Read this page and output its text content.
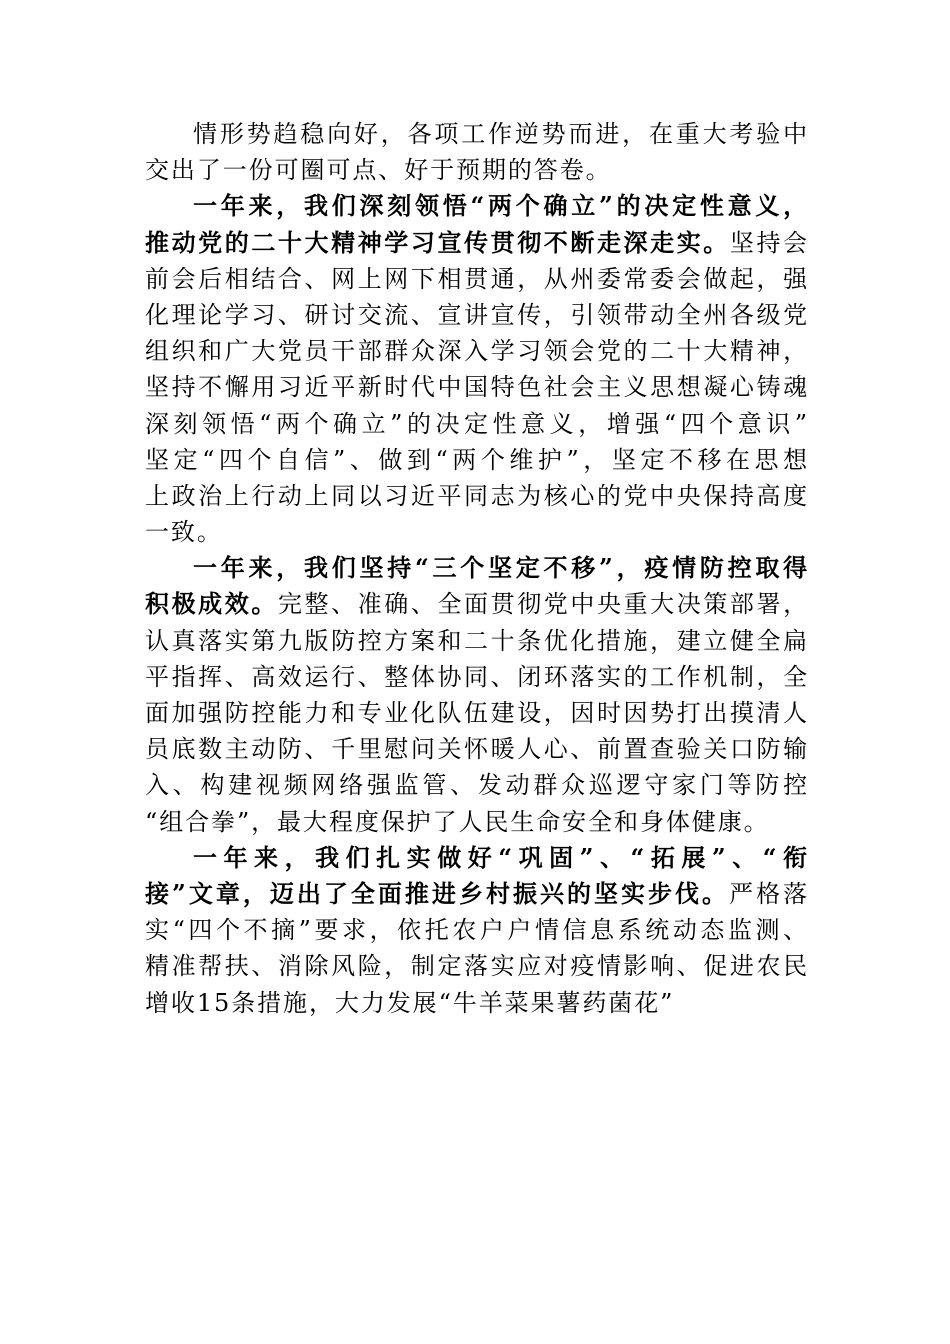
情形势趋稳向好，各项工作逆势而进，在重大考验中
交出了一份可圈可点、好于预期的答卷。
一年来，我们深刻领悟“两个确立”的决定性意义，
推动党的二十大精神学习宣传贯彻不断走深走实。坚持会
前会后相结合、网上网下相贯通，从州委常委会做起，强
化理论学习、研讨交流、宣讲宣传，引领带动全州各级党
组织和广大党员干部群众深入学习领会党的二十大精神，
坚持不懈用习近平新时代中国特色社会主义思想凝心铸魂
深刻领悟“两个确立”的决定性意义，增强“四个意识”
坚定“四个自信”、做到“两个维护”，坚定不移在思想
上政治上行动上同以习近平同志为核心的党中央保持高度
一致。
一年来，我们坚持“三个坚定不移”，疫情防控取得
积极成效。完整、准确、全面贯彻党中央重大决策部署，
认真落实第九版防控方案和二十条优化措施，建立健全扁
平指挥、高效运行、整体协同、闭环落实的工作机制，全
面加强防控能力和专业化队伍建设，因时因势打出摸清人
员底数主动防、千里慰问关怀暖人心、前置查验关口防输
入、构建视频网络强监管、发动群众巡逻守家门等防控
“组合拳”，最大程度保护了人民生命安全和身体健康。
一年来，我们扎实做好“巩固”、“拓展”、“衔
接”文章，迈出了全面推进乡村振兴的坚实步伐。严格落
实“四个不摘”要求，依托农户户情信息系统动态监测、
精准帮扶、消除风险，制定落实应对疫情影响、促进农民
增收15条措施，大力发展“牛羊菜果薯药菌花”
